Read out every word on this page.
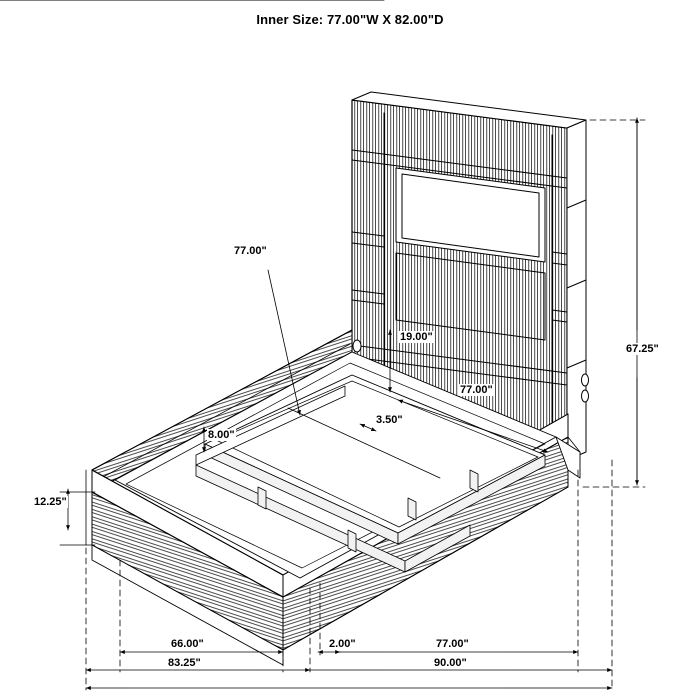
Inner Size: 77.00"W X 82.00"D
77.00"
67.25"
19.00"
77.00"
3.50"
8.00"
12.25"
66.00"
83.25"
2.00"	77.00"
90.00"
